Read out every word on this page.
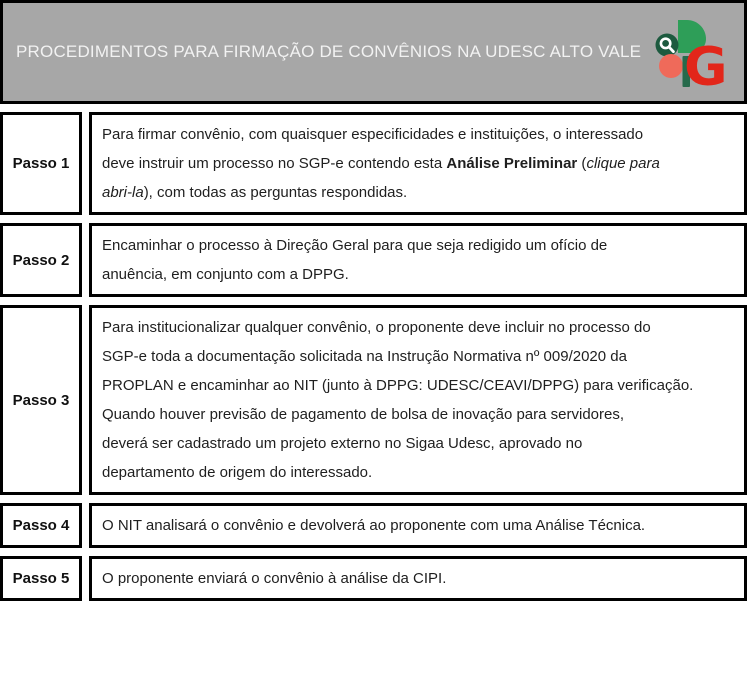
PROCEDIMENTOS PARA FIRMAÇÃO DE CONVÊNIOS NA UDESC ALTO VALE G
Passo 1
Para firmar convênio, com quaisquer especificidades e instituições, o interessado
deve instruir um processo no SGP-e contendo esta Análise Preliminar (clique para
abri-la), com todas as perguntas respondidas.
Passo 2
Encaminhar o processo à Direção Geral para que seja redigido um ofício de
anuência, em conjunto com a DPPG.
Passo 3
Para institucionalizar qualquer convênio, o proponente deve incluir no processo do
SGP-e toda a documentação solicitada na Instrução Normativa nº 009/2020 da
PROPLAN e encaminhar ao NIT (junto à DPPG: UDESC/CEAVI/DPPG) para verificação.
Quando houver previsão de pagamento de bolsa de inovação para servidores,
deverá ser cadastrado um projeto externo no Sigaa Udesc, aprovado no
departamento de origem do interessado.
Passo 4 O NIT analisará o convênio e devolverá ao proponente com uma Análise Técnica.
Passo 5 O proponente enviará o convênio à análise da CIPI.
